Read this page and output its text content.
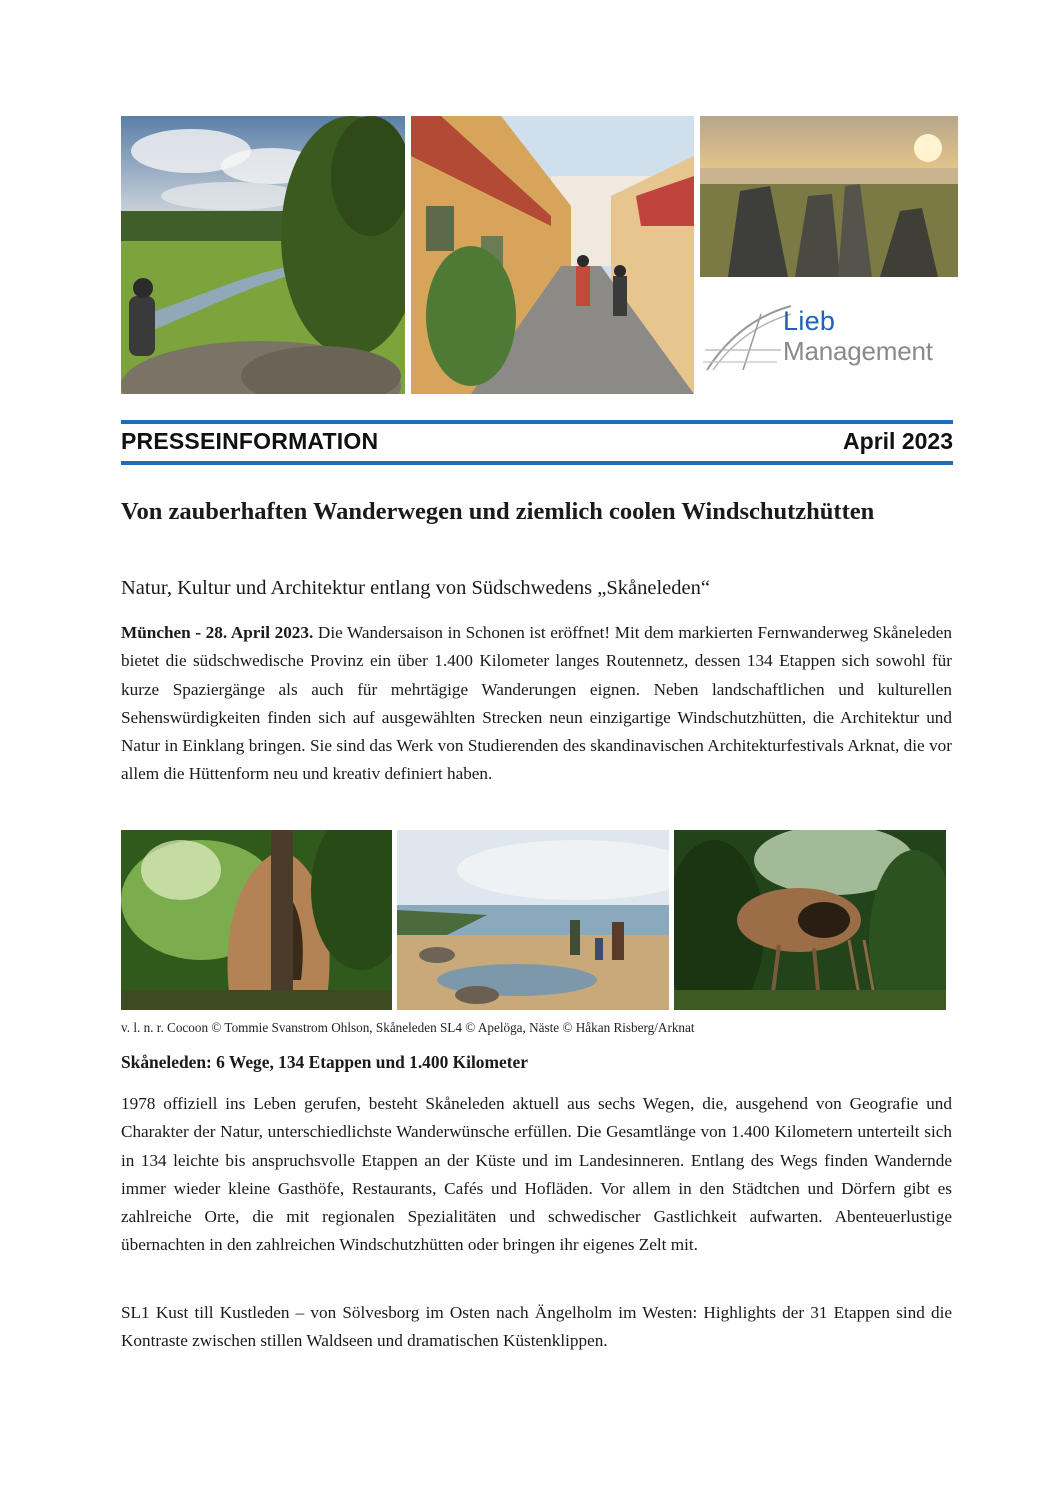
Lieb
Management
PRESSEINFORMATION	April 2023
Von zauberhaften Wanderwegen und ziemlich coolen Windschutzhütten

Natur, Kultur und Architektur entlang von Südschwedens „Skåneleden“

München - 28. April 2023. Die Wandersaison in Schonen ist eröffnet! Mit dem markierten Fernwanderweg Skåneleden bietet die südschwedische Provinz ein über 1.400 Kilometer langes Routennetz, dessen 134 Etappen sich sowohl für kurze Spaziergänge als auch für mehrtägige Wanderungen eignen. Neben landschaftlichen und kulturellen Sehenswürdigkeiten finden sich auf ausgewählten Strecken neun einzigartige Windschutzhütten, die Architektur und Natur in Einklang bringen. Sie sind das Werk von Studierenden des skandinavischen Architekturfestivals Arknat, die vor allem die Hüttenform neu und kreativ definiert haben.

v. l. n. r. Cocoon © Tommie Svanstrom Ohlson, Skåneleden SL4 © Apelöga, Näste © Håkan Risberg/Arknat
Skåneleden: 6 Wege, 134 Etappen und 1.400 Kilometer

1978 offiziell ins Leben gerufen, besteht Skåneleden aktuell aus sechs Wegen, die, ausgehend von Geografie und Charakter der Natur, unterschiedlichste Wanderwünsche erfüllen. Die Gesamtlänge von 1.400 Kilometern unterteilt sich in 134 leichte bis anspruchsvolle Etappen an der Küste und im Landesinneren. Entlang des Wegs finden Wandernde immer wieder kleine Gasthöfe, Restaurants, Cafés und Hofläden. Vor allem in den Städtchen und Dörfern gibt es zahlreiche Orte, die mit regionalen Spezialitäten und schwedischer Gastlichkeit aufwarten. Abenteuerlustige übernachten in den zahlreichen Windschutzhütten oder bringen ihr eigenes Zelt mit.

SL1 Kust till Kustleden – von Sölvesborg im Osten nach Ängelholm im Westen: Highlights der 31 Etappen sind die Kontraste zwischen stillen Waldseen und dramatischen Küstenklippen.
